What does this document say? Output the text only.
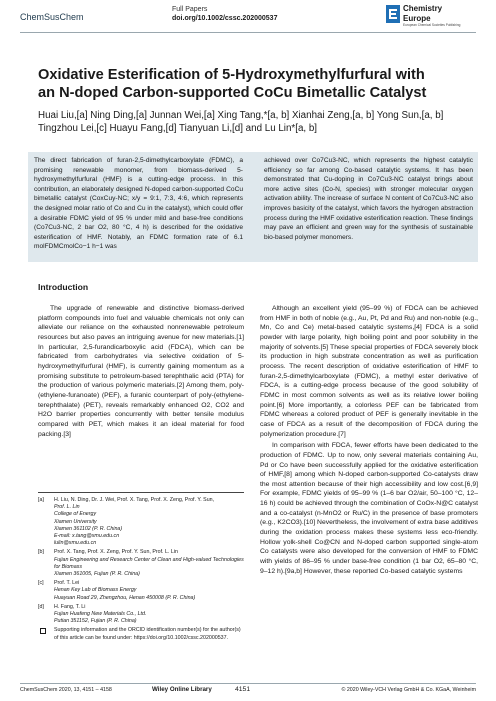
ChemSusChem
Full Papers
doi.org/10.1002/cssc.202000537
Chemistry
Europe
European Chemical Societies Publishing
Oxidative Esterification of 5-Hydroxymethylfurfural with
an N-doped Carbon-supported CoCu Bimetallic Catalyst
Huai Liu,[a] Ning Ding,[a] Junnan Wei,[a] Xing Tang,*[a, b] Xianhai Zeng,[a, b] Yong Sun,[a, b]
Tingzhou Lei,[c] Huayu Fang,[d] Tianyuan Li,[d] and Lu Lin*[a, b]
The direct fabrication of furan-2,5-dimethylcarboxylate (FDMC), a promising renewable monomer, from biomass-derived 5-hydroxymethylfurfural (HMF) is a cutting-edge process. In this contribution, an elaborately designed N-doped carbon-supported CoCu bimetallic catalyst (CoxCuy-NC; x/y = 9:1, 7:3, 4:6, which represents the designed molar ratio of Co and Cu in the catalyst), which could offer a desirable FDMC yield of 95 % under mild and base-free conditions (Co7Cu3-NC, 2 bar O2, 80 °C, 4 h) is described for the oxidative esterification of HMF. Notably, an FDMC formation rate of 6.1 molFDMCmolCo−1 h−1 was
achieved over Co7Cu3-NC, which represents the highest catalytic efficiency so far among Co-based catalytic systems. It has been demonstrated that Cu-doping in Co7Cu3-NC catalyst brings about more active sites (Co-N, species) with stronger molecular oxygen activation ability. The increase of surface N content of Co7Cu3-NC also improves basicity of the catalyst, which favors the hydrogen abstraction process during the HMF oxidative esterification reaction. These findings may pave an efficient and green way for the synthesis of sustainable bio-based polymer monomers.
Introduction

The upgrade of renewable and distinctive biomass-derived platform compounds into fuel and valuable chemicals not only can alleviate our reliance on the exhausted nonrenewable petroleum resources but also paves an intriguing avenue for new materials.[1] In particular, 2,5-furandicarboxylic acid (FDCA), which can be fabricated from carbohydrates via selective oxidation of 5-hydroxymethylfurfural (HMF), is currently gaining momentum as a promising substitute to petroleum-based terephthalic acid (PTA) for the production of various polymeric materials.[2] Among them, poly-(ethylene-furanoate) (PEF), a furanic counterpart of poly-(ethylene-terephthalate) (PET), reveals remarkably enhanced O2, CO2 and H2O barrier properties concurrently with better tensile modulus compared with PET, which makes it an ideal material for food packing.[3]

Although an excellent yield (95–99 %) of FDCA can be achieved from HMF in both of noble (e.g., Au, Pt, Pd and Ru) and non-noble (e.g., Mn, Co and Ce) metal-based catalytic systems,[4] FDCA is a solid powder with large polarity, high boiling point and poor solubility in the majority of solvents.[5] These special properties of FDCA severely block its production in high substrate concentration as well as purification process. The recent description of oxidative esterification of HMF to furan-2,5-dimethylcarboxylate (FDMC), a methyl ester derivative of FDCA, is a cutting-edge process because of the good solubility of FDMC in most common solvents as well as its relative lower boiling point.[6] More importantly, a colorless PEF can be fabricated from FDMC whereas a colored product of PEF is generally inevitable in the case of FDCA as a result of the decomposition of FDCA during the polymerization procedure.[7]

In comparison with FDCA, fewer efforts have been dedicated to the production of FDMC. Up to now, only several materials containing Au, Pd or Co have been successfully applied for the oxidative esterification of HMF,[8] among which N-doped carbon-supported Co-catalysts draw the most attention because of their high accessibility and low cost.[6,9] For example, FDMC yields of 95–99 % (1–6 bar O2/air, 50–100 °C, 12–16 h) could be achieved through the combination of CoOx-N@C catalyst and a co-catalyst (n-MnO2 or Ru/C) in the presence of base promoters (e.g., K2CO3).[10] Nevertheless, the involvement of extra base additives during the oxidation process makes these systems less eco-friendly. Hollow yolk-shell Co@CN and N-doped carbon supported single-atom Co catalysts were also developed for the conversion of HMF to FDMC with yields of 86–95 % under base-free condition (1 bar O2, 65–80 °C, 9–12 h).[9a,b] However, these reported Co-based catalytic systems

[a]	H. Liu, N. Ding, Dr. J. Wei, Prof. X. Tang, Prof. X. Zeng, Prof. Y. Sun,
Prof. L. Lin
College of Energy
Xiamen University
Xiamen 361102 (P. R. China)
E-mail: x.tang@xmu.edu.cn
lulin@xmu.edu.cn
[b]	Prof. X. Tang, Prof. X. Zeng, Prof. Y. Sun, Prof. L. Lin
Fujian Engineering and Research Center of Clean and High-valued Technologies for Biomass
Xiamen 361005, Fujian (P. R. China)
[c]	Prof. T. Lei
Henan Key Lab of Biomass Energy
Huayuan Road 29, Zhengzhou, Henan 450008 (P. R. China)
[d]	H. Fang, T. Li
Fujian Huafeng New Materials Co., Ltd.
Putian 351152, Fujian (P. R. China)
Supporting information and the ORCID identification number(s) for the author(s) of this article can be found under: https://doi.org/10.1002/cssc.202000537.
ChemSusChem 2020, 13, 4151 – 4158	Wiley Online Library	4151	© 2020 Wiley-VCH Verlag GmbH & Co. KGaA, Weinheim
